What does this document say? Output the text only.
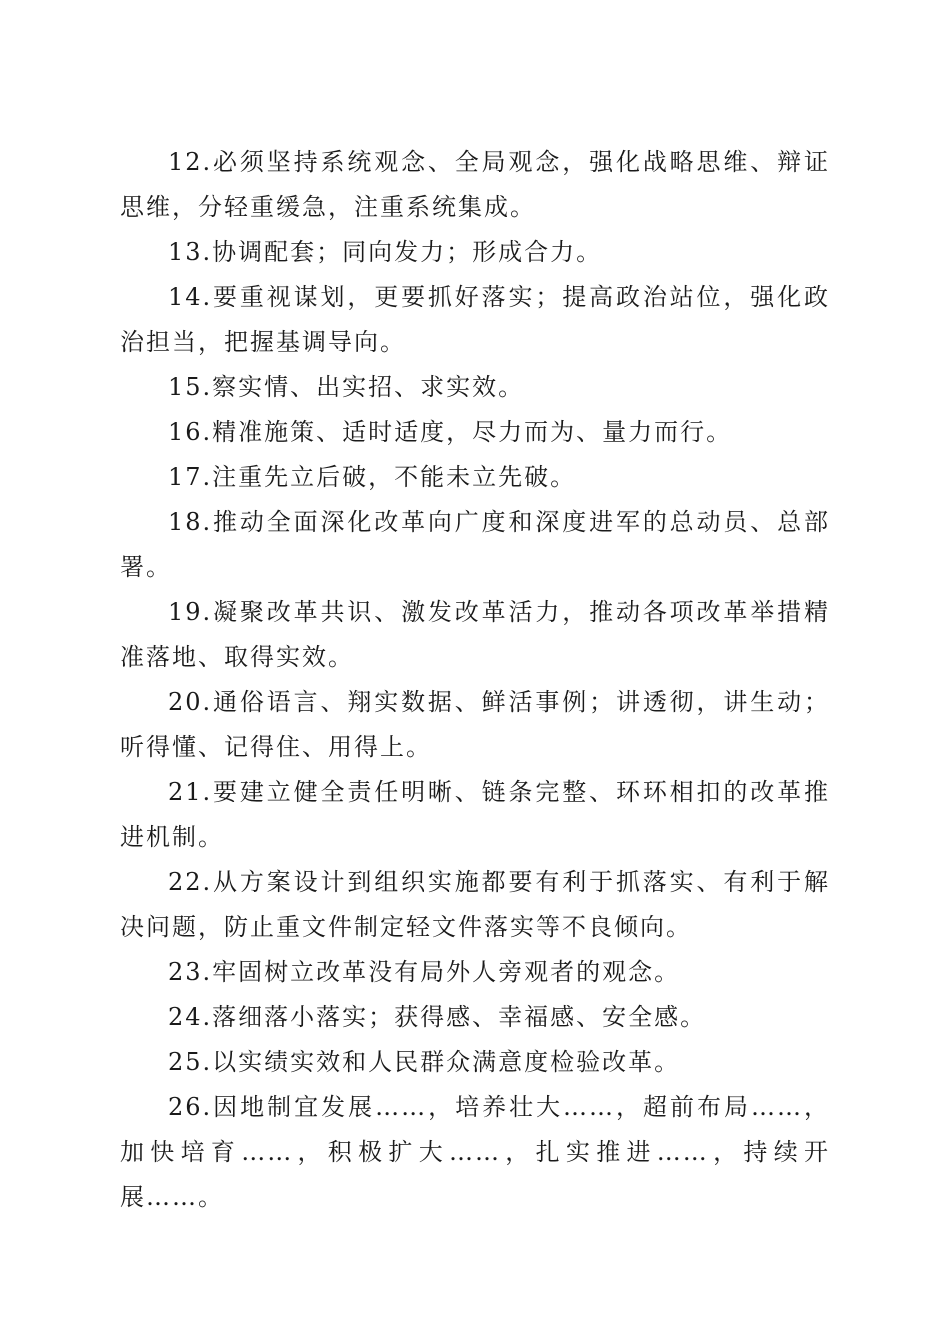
12.必须坚持系统观念、全局观念，强化战略思维、辩证思维，分轻重缓急，注重系统集成。

13.协调配套；同向发力；形成合力。

14.要重视谋划，更要抓好落实；提高政治站位，强化政治担当，把握基调导向。

15.察实情、出实招、求实效。

16.精准施策、适时适度，尽力而为、量力而行。

17.注重先立后破，不能未立先破。

18.推动全面深化改革向广度和深度进军的总动员、总部署。

19.凝聚改革共识、激发改革活力，推动各项改革举措精准落地、取得实效。

20.通俗语言、翔实数据、鲜活事例；讲透彻，讲生动；听得懂、记得住、用得上。

21.要建立健全责任明晰、链条完整、环环相扣的改革推进机制。

22.从方案设计到组织实施都要有利于抓落实、有利于解决问题，防止重文件制定轻文件落实等不良倾向。

23.牢固树立改革没有局外人旁观者的观念。

24.落细落小落实；获得感、幸福感、安全感。

25.以实绩实效和人民群众满意度检验改革。

26.因地制宜发展……，培养壮大……，超前布局……，加快培育……，积极扩大……，扎实推进……，持续开展……。
